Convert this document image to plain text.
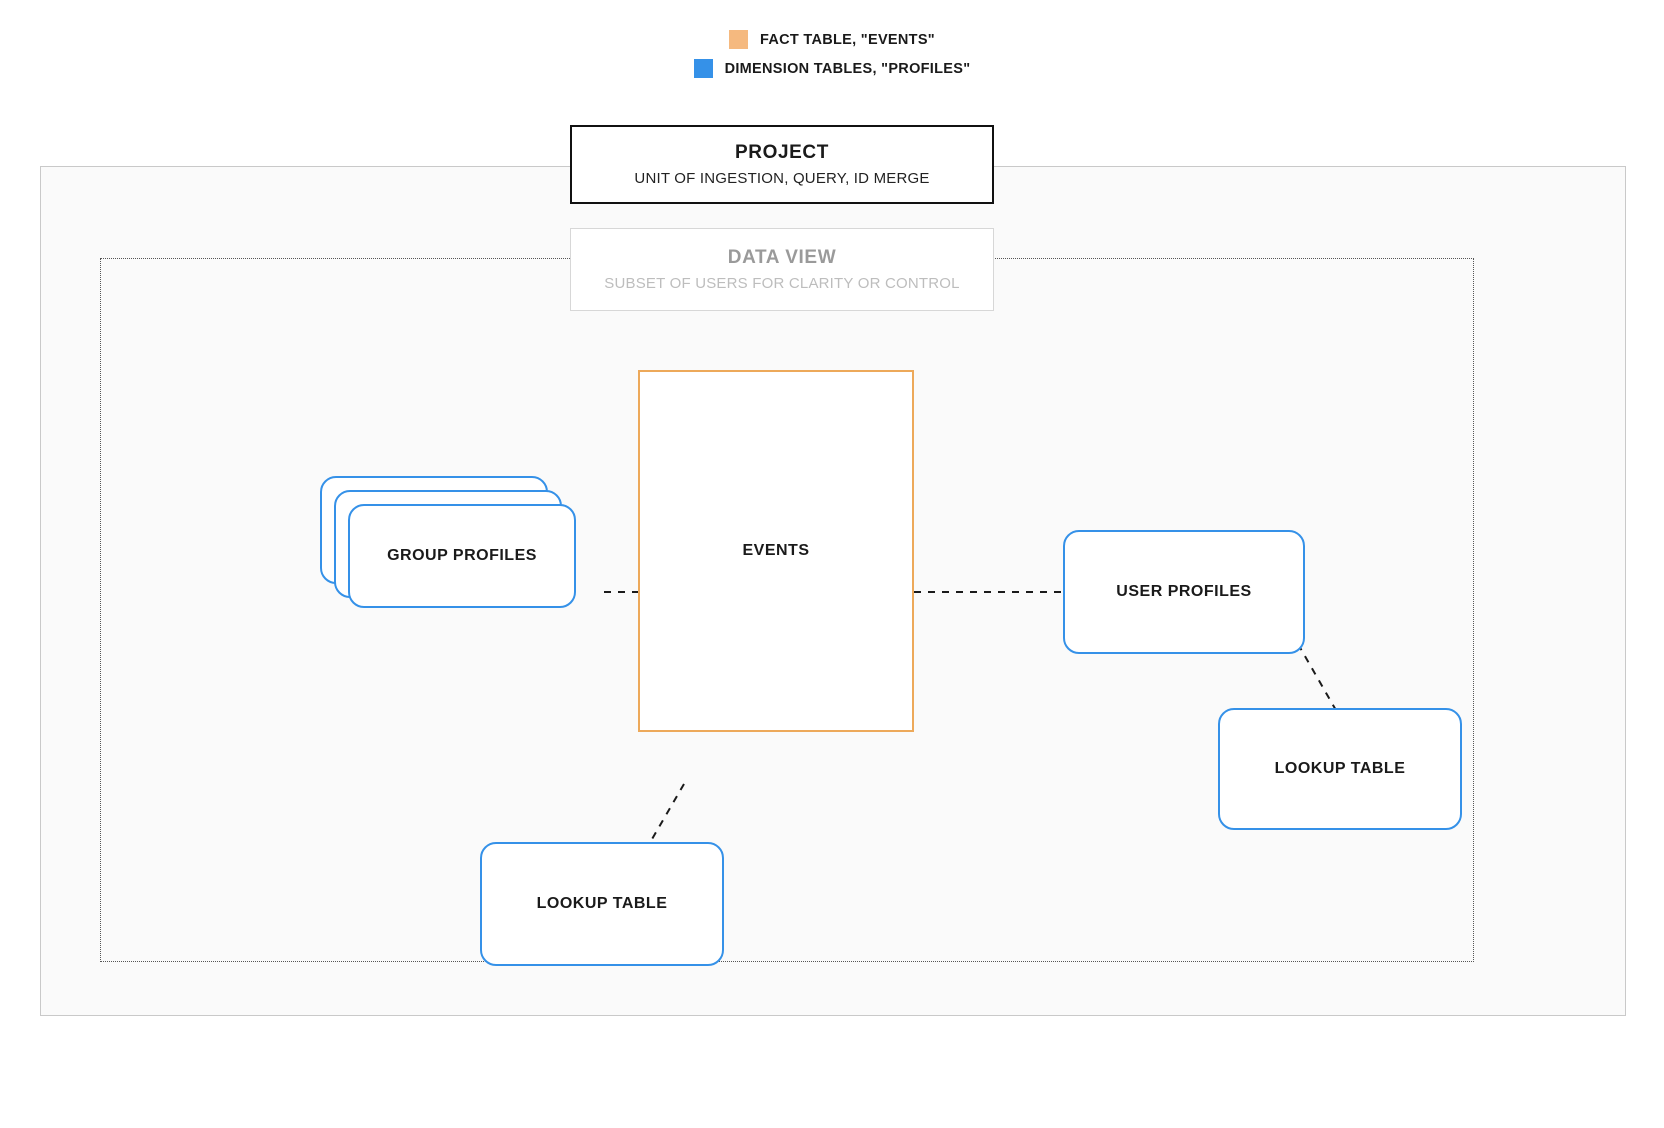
FACT TABLE, "EVENTS"
DIMENSION TABLES, "PROFILES"
PROJECT
UNIT OF INGESTION, QUERY, ID MERGE
DATA VIEW
SUBSET OF USERS FOR CLARITY OR CONTROL
EVENTS
GROUP PROFILES
USER PROFILES
LOOKUP TABLE
LOOKUP TABLE
